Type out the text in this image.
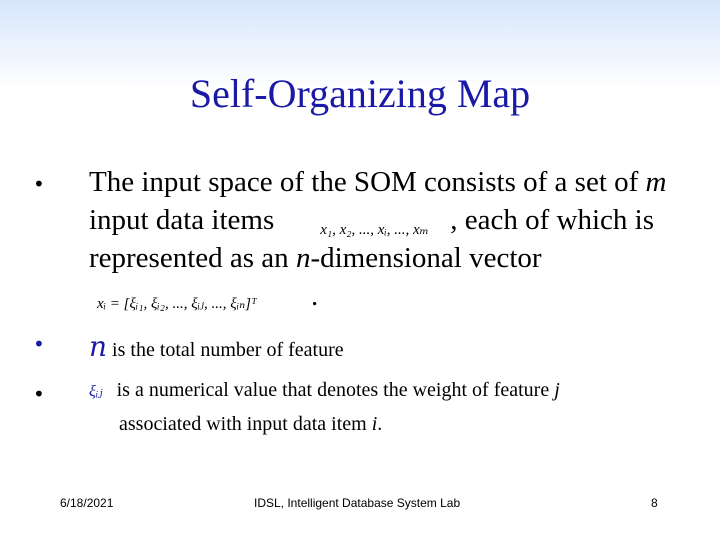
Self-Organizing Map
• The input space of the SOM consists of a set of m input data items	x₁, x₂, ..., xᵢ, ..., xₘ , each of which is represented as an n-dimensional vector
xᵢ = [ξᵢ₁, ξᵢ₂, ..., ξᵢⱼ, ..., ξᵢₙ]ᵀ .
• n is the total number of feature
•	ξᵢⱼ is a numerical value that denotes the weight of feature j
associated with input data item i.
6/18/2021	IDSL, Intelligent Database System Lab	8
